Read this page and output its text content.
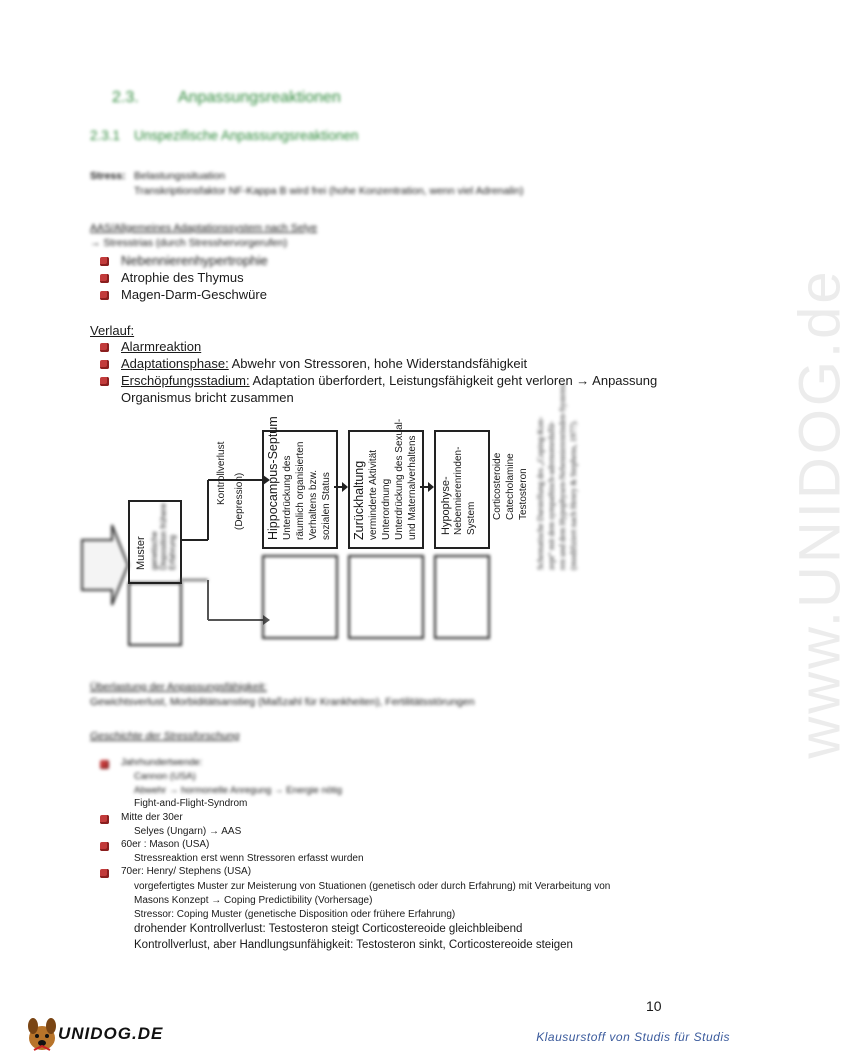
www.UNIDOG.de
2.3. Anpassungsreaktionen
2.3.1 Unspezifische Anpassungsreaktionen
Stress: Belastungssituation
Transkriptionsfaktor NF-Kappa B wird frei (hohe Konzentration, wenn viel Adrenalin)
AAS/Allgemeines Adaptationssystem nach Selye
→ Stresstrias (durch Stresshervorgerufen)
Nebennierenhypertrophie
Atrophie des Thymus
Magen-Darm-Geschwüre
Verlauf:
Alarmreaktion
Adaptationsphase: Abwehr von Stressoren, hohe Widerstandsfähigkeit
Erschöpfungsstadium: Adaptation überfordert, Leistungsfähigkeit geht verloren → Anpassung
Organismus bricht zusammen
Muster genetische Disposition frühere Erfahrung
Kontrollverlust (Depression) Hippocampus-Septum Unterdrückung des räumlich organisierten Verhaltens bzw. sozialen Status Zurückhaltung verminderte Aktivität Unterordnung Unterdrückung des Sexual- und Maternalverhaltens Hypophyse- Nebennierenrinden- System Corticosteroide Catecholamine Testosteron Schematische Darstellung des „Coping-Kon- zept“ mit dem sympathisch-adrenomedullä- ren und dem Hypophysen-Nebennierenrinden-Systems (modifiziert nach Henry & Stephens, 1977).
Überlastung der Anpassungsfähigkeit:
Gewichtsverlust, Morbiditätsanstieg (Maßzahl für Krankheiten), Fertilitätsstörungen
Geschichte der Stressforschung
Jahrhundertwende:
Cannon (USA)
Abwehr → hormonelle Anregung → Energie nötig
Fight-and-Flight-Syndrom
Mitte der 30er
Selyes (Ungarn) → AAS
60er : Mason (USA)
Stressreaktion erst wenn Stressoren erfasst wurden
70er: Henry/ Stephens (USA)
vorgefertigtes Muster zur Meisterung von Stuationen (genetisch oder durch Erfahrung) mit Verarbeitung von
Masons Konzept → Coping Predictibility (Vorhersage)
Stressor: Coping Muster (genetische Disposition oder frühere Erfahrung)
drohender Kontrollverlust: Testosteron steigt Corticostereoide gleichbleibend
Kontrollverlust, aber Handlungsunfähigkeit: Testosteron sinkt, Corticostereoide steigen
10
UNIDOG.DE	Klausurstoff von Studis für Studis
